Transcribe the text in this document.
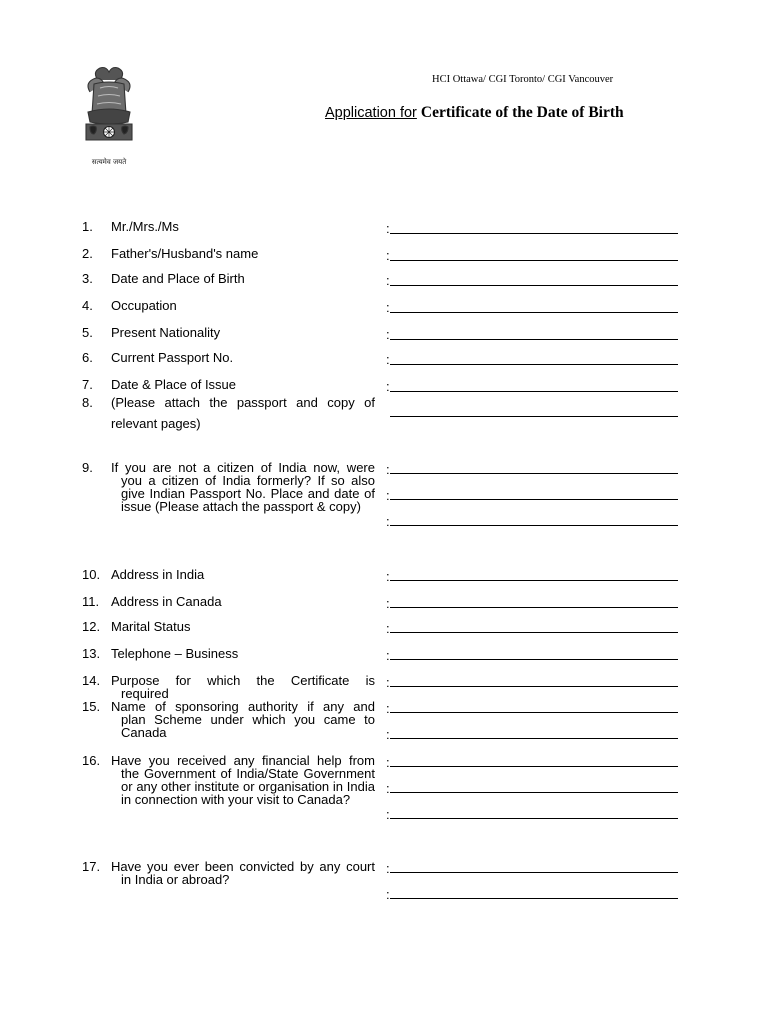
सत्यमेव जयते
HCI Ottawa/ CGI Toronto/ CGI Vancouver
Application for Certificate of the Date of Birth
1. Mr./Mrs./Ms	:
2. Father's/Husband's name	:
3. Date and Place of Birth	:
4. Occupation	:
5. Present Nationality	:
6. Current Passport No.	:
7. Date & Place of Issue	:
8. (Please attach the passport and copy of
relevant pages)
9. If you are not a citizen of India now, were
you a citizen of India formerly? If so also give Indian Passport No. Place and date of issue (Please attach the passport & copy)
:
:
:
10. Address in India	:
11. Address in Canada	:
12. Marital Status	:
13. Telephone – Business	:
14. Purpose for which the Certificate is
required
:
15. Name of sponsoring authority if any and
plan Scheme under which you came to Canada
:
:
16. Have you received any financial help from
the Government of India/State Government or any other institute or organisation in India in connection with your visit to Canada?
:
:
:
17. Have you ever been convicted by any court
in India or abroad?
:
:
